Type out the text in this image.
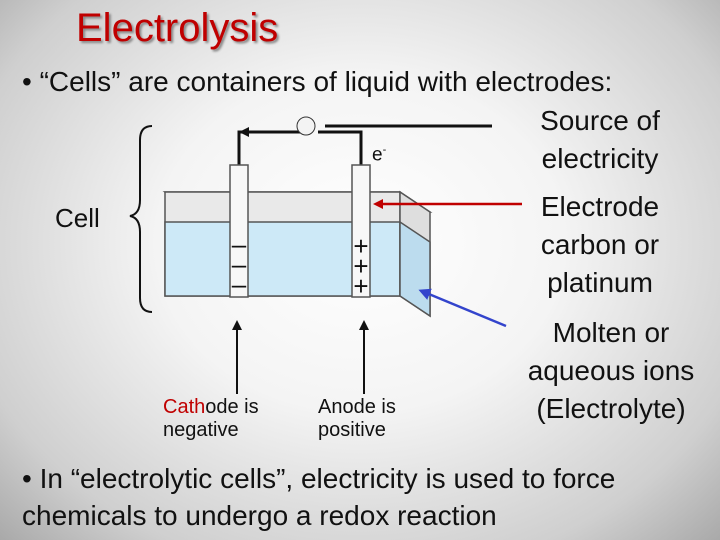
Electrolysis
• “Cells” are containers of liquid with electrodes:
–
–
–
+
+
+
e-
Cell
Source of electricity
Electrode carbon or platinum
Molten or aqueous ions (Electrolyte)
Cathode is
negative
Anode is
positive
• In “electrolytic cells”, electricity is used to force chemicals to undergo a redox reaction
